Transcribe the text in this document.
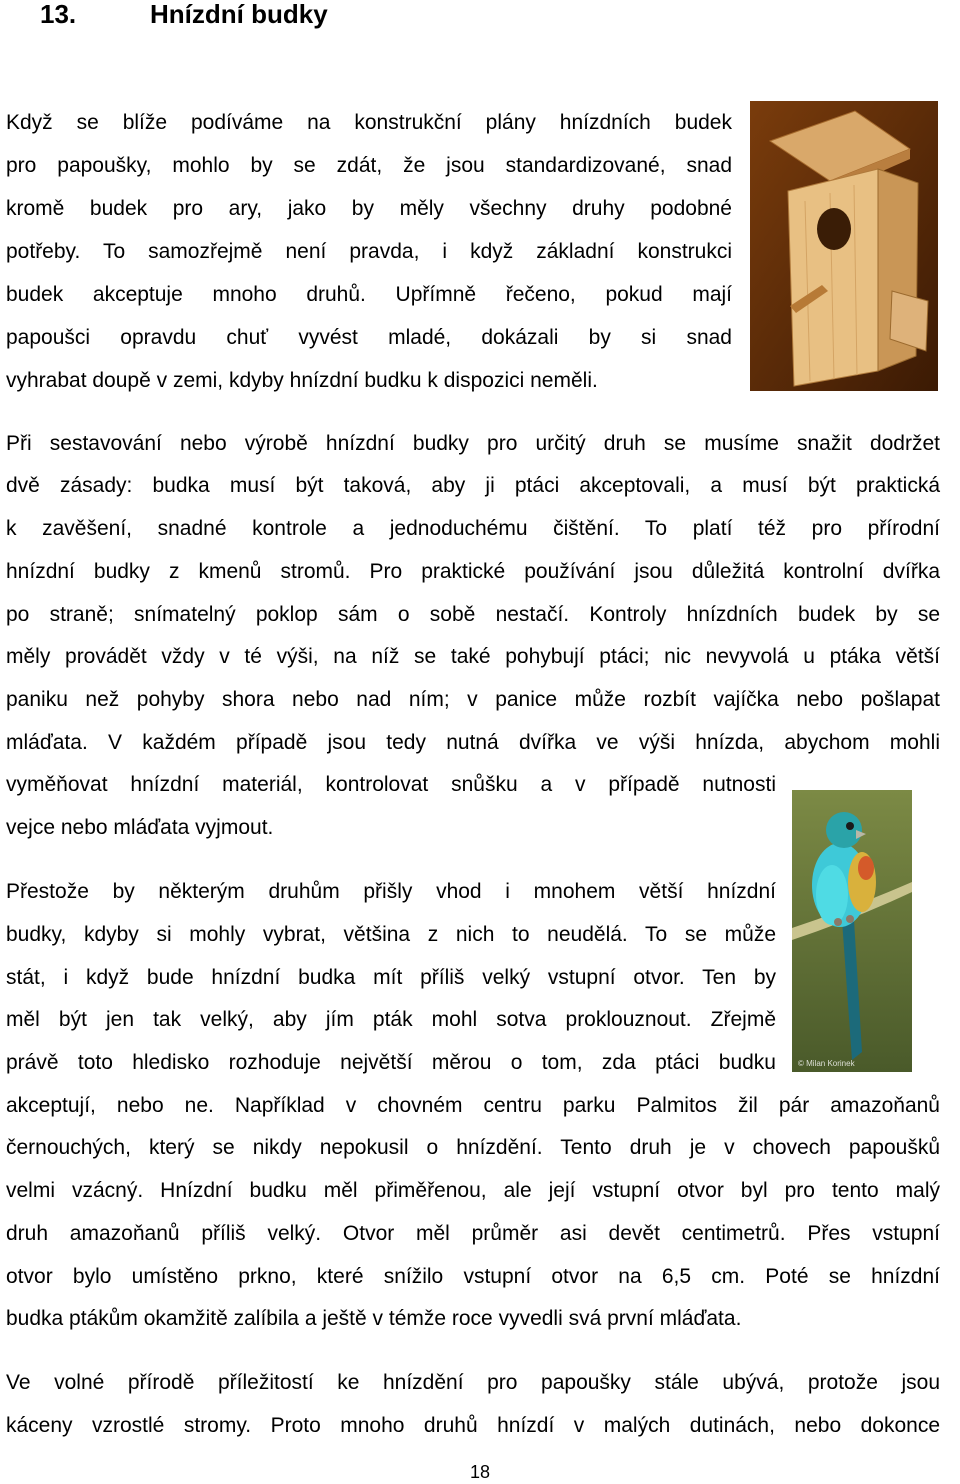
13.	Hnízdní budky
Když se blíže podíváme na konstrukční plány hnízdních budek
pro papoušky, mohlo by se zdát, že jsou standardizované, snad
kromě budek pro ary, jako by měly všechny druhy podobné
potřeby. To samozřejmě není pravda, i když základní konstrukci
budek akceptuje mnoho druhů. Upřímně řečeno, pokud mají
papoušci opravdu chuť vyvést mladé, dokázali by si snad
vyhrabat doupě v zemi, kdyby hnízdní budku k dispozici neměli.
Při sestavování nebo výrobě hnízdní budky pro určitý druh se musíme snažit dodržet
dvě zásady: budka musí být taková, aby ji ptáci akceptovali, a musí být praktická
k zavěšení, snadné kontrole a jednoduchému čištění. To platí též pro přírodní
hnízdní budky z kmenů stromů. Pro praktické používání jsou důležitá kontrolní dvířka
po straně; snímatelný poklop sám o sobě nestačí. Kontroly hnízdních budek by se
měly provádět vždy v té výši, na níž se také pohybují ptáci; nic nevyvolá u ptáka větší
paniku než pohyby shora nebo nad ním; v panice může rozbít vajíčka nebo pošlapat
mláďata. V každém případě jsou tedy nutná dvířka ve výši hnízda, abychom mohli
vyměňovat hnízdní materiál, kontrolovat snůšku a v případě nutnosti
vejce nebo mláďata vyjmout.
Přestože by některým druhům přišly vhod i mnohem větší hnízdní
budky, kdyby si mohly vybrat, většina z nich to neudělá. To se může
stát, i když bude hnízdní budka mít příliš velký vstupní otvor. Ten by
měl být jen tak velký, aby jím pták mohl sotva proklouznout. Zřejmě
právě toto hledisko rozhoduje největší měrou o tom, zda ptáci budku
akceptují, nebo ne. Například v chovném centru parku Palmitos žil pár amazoňanů
černouchých, který se nikdy nepokusil o hnízdění. Tento druh je v chovech papoušků
velmi vzácný. Hnízdní budku měl přiměřenou, ale její vstupní otvor byl pro tento malý
druh amazoňanů příliš velký. Otvor měl průměr asi devět centimetrů. Přes vstupní
otvor bylo umístěno prkno, které snížilo vstupní otvor na 6,5 cm. Poté se hnízdní
budka ptákům okamžitě zalíbila a ještě v témže roce vyvedli svá první mláďata.
Ve volné přírodě příležitostí ke hnízdění pro papoušky stále ubývá, protože jsou
káceny vzrostlé stromy. Proto mnoho druhů hnízdí v malých dutinách, nebo dokonce
© Milan Korinek
18
